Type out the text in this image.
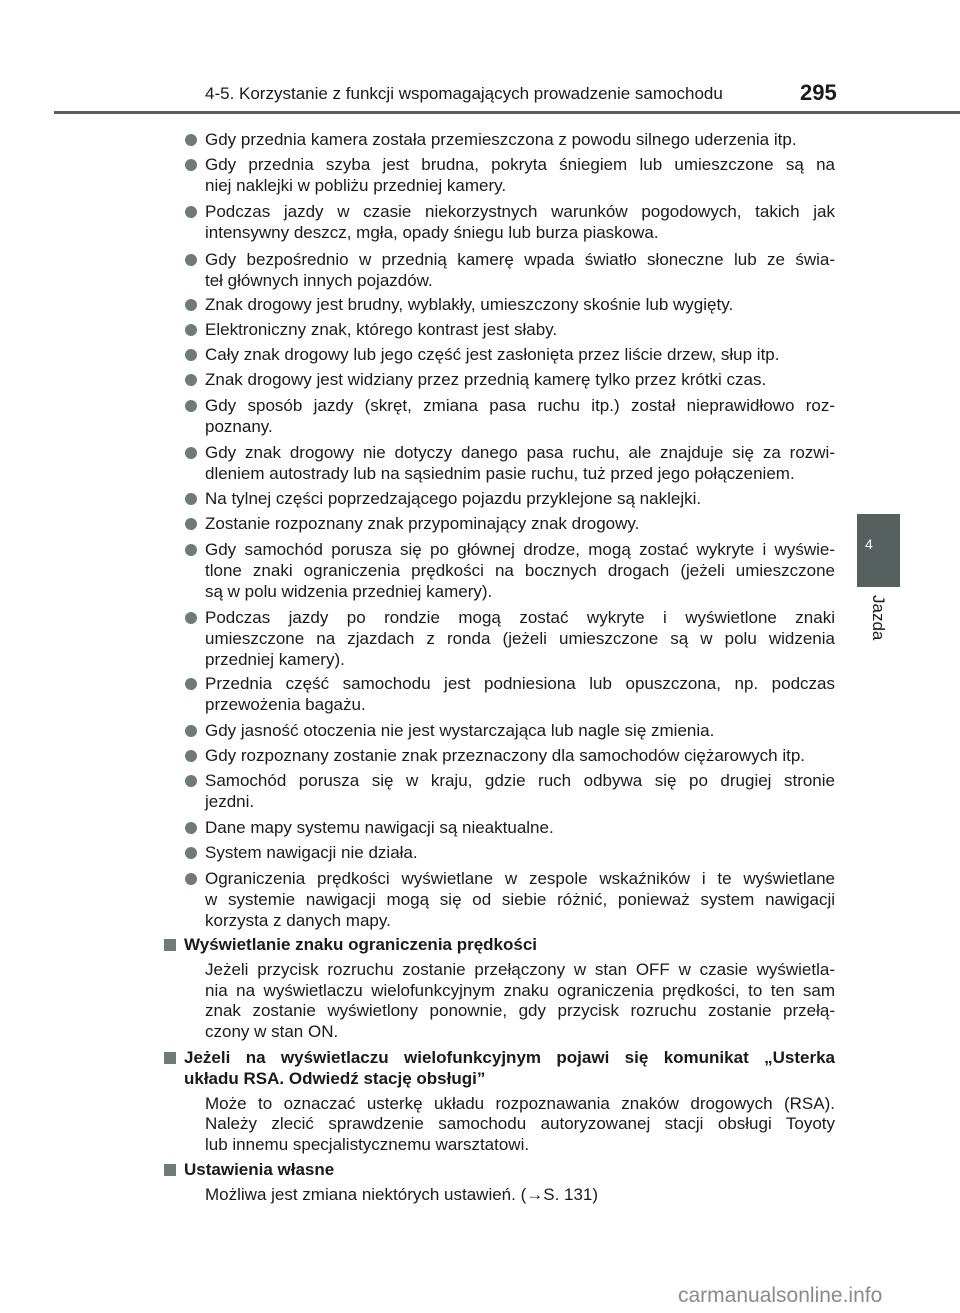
4-5. Korzystanie z funkcji wspomagających prowadzenie samochodu	295
4
Jazda
Gdy przednia kamera została przemieszczona z powodu silnego uderzenia itp.
Gdy przednia szyba jest brudna, pokryta śniegiem lub umieszczone są na
niej naklejki w pobliżu przedniej kamery.
Podczas jazdy w czasie niekorzystnych warunków pogodowych, takich jak
intensywny deszcz, mgła, opady śniegu lub burza piaskowa.
Gdy bezpośrednio w przednią kamerę wpada światło słoneczne lub ze świa-
teł głównych innych pojazdów.
Znak drogowy jest brudny, wyblakły, umieszczony skośnie lub wygięty.
Elektroniczny znak, którego kontrast jest słaby.
Cały znak drogowy lub jego część jest zasłonięta przez liście drzew, słup itp.
Znak drogowy jest widziany przez przednią kamerę tylko przez krótki czas.
Gdy sposób jazdy (skręt, zmiana pasa ruchu itp.) został nieprawidłowo roz-
poznany.
Gdy znak drogowy nie dotyczy danego pasa ruchu, ale znajduje się za rozwi-
dleniem autostrady lub na sąsiednim pasie ruchu, tuż przed jego połączeniem.
Na tylnej części poprzedzającego pojazdu przyklejone są naklejki.
Zostanie rozpoznany znak przypominający znak drogowy.
Gdy samochód porusza się po głównej drodze, mogą zostać wykryte i wyświe-
tlone znaki ograniczenia prędkości na bocznych drogach (jeżeli umieszczone
są w polu widzenia przedniej kamery).
Podczas jazdy po rondzie mogą zostać wykryte i wyświetlone znaki
umieszczone na zjazdach z ronda (jeżeli umieszczone są w polu widzenia
przedniej kamery).
Przednia część samochodu jest podniesiona lub opuszczona, np. podczas
przewożenia bagażu.
Gdy jasność otoczenia nie jest wystarczająca lub nagle się zmienia.
Gdy rozpoznany zostanie znak przeznaczony dla samochodów ciężarowych itp.
Samochód porusza się w kraju, gdzie ruch odbywa się po drugiej stronie
jezdni.
Dane mapy systemu nawigacji są nieaktualne.
System nawigacji nie działa.
Ograniczenia prędkości wyświetlane w zespole wskaźników i te wyświetlane
w systemie nawigacji mogą się od siebie różnić, ponieważ system nawigacji
korzysta z danych mapy.
Wyświetlanie znaku ograniczenia prędkości
Jeżeli przycisk rozruchu zostanie przełączony w stan OFF w czasie wyświetla-
nia na wyświetlaczu wielofunkcyjnym znaku ograniczenia prędkości, to ten sam
znak zostanie wyświetlony ponownie, gdy przycisk rozruchu zostanie przełą-
czony w stan ON.
Jeżeli na wyświetlaczu wielofunkcyjnym pojawi się komunikat „Usterka
układu RSA. Odwiedź stację obsługi”
Może to oznaczać usterkę układu rozpoznawania znaków drogowych (RSA).
Należy zlecić sprawdzenie samochodu autoryzowanej stacji obsługi Toyoty
lub innemu specjalistycznemu warsztatowi.
Ustawienia własne
Możliwa jest zmiana niektórych ustawień. (→S. 131)
carmanualsonline.info
